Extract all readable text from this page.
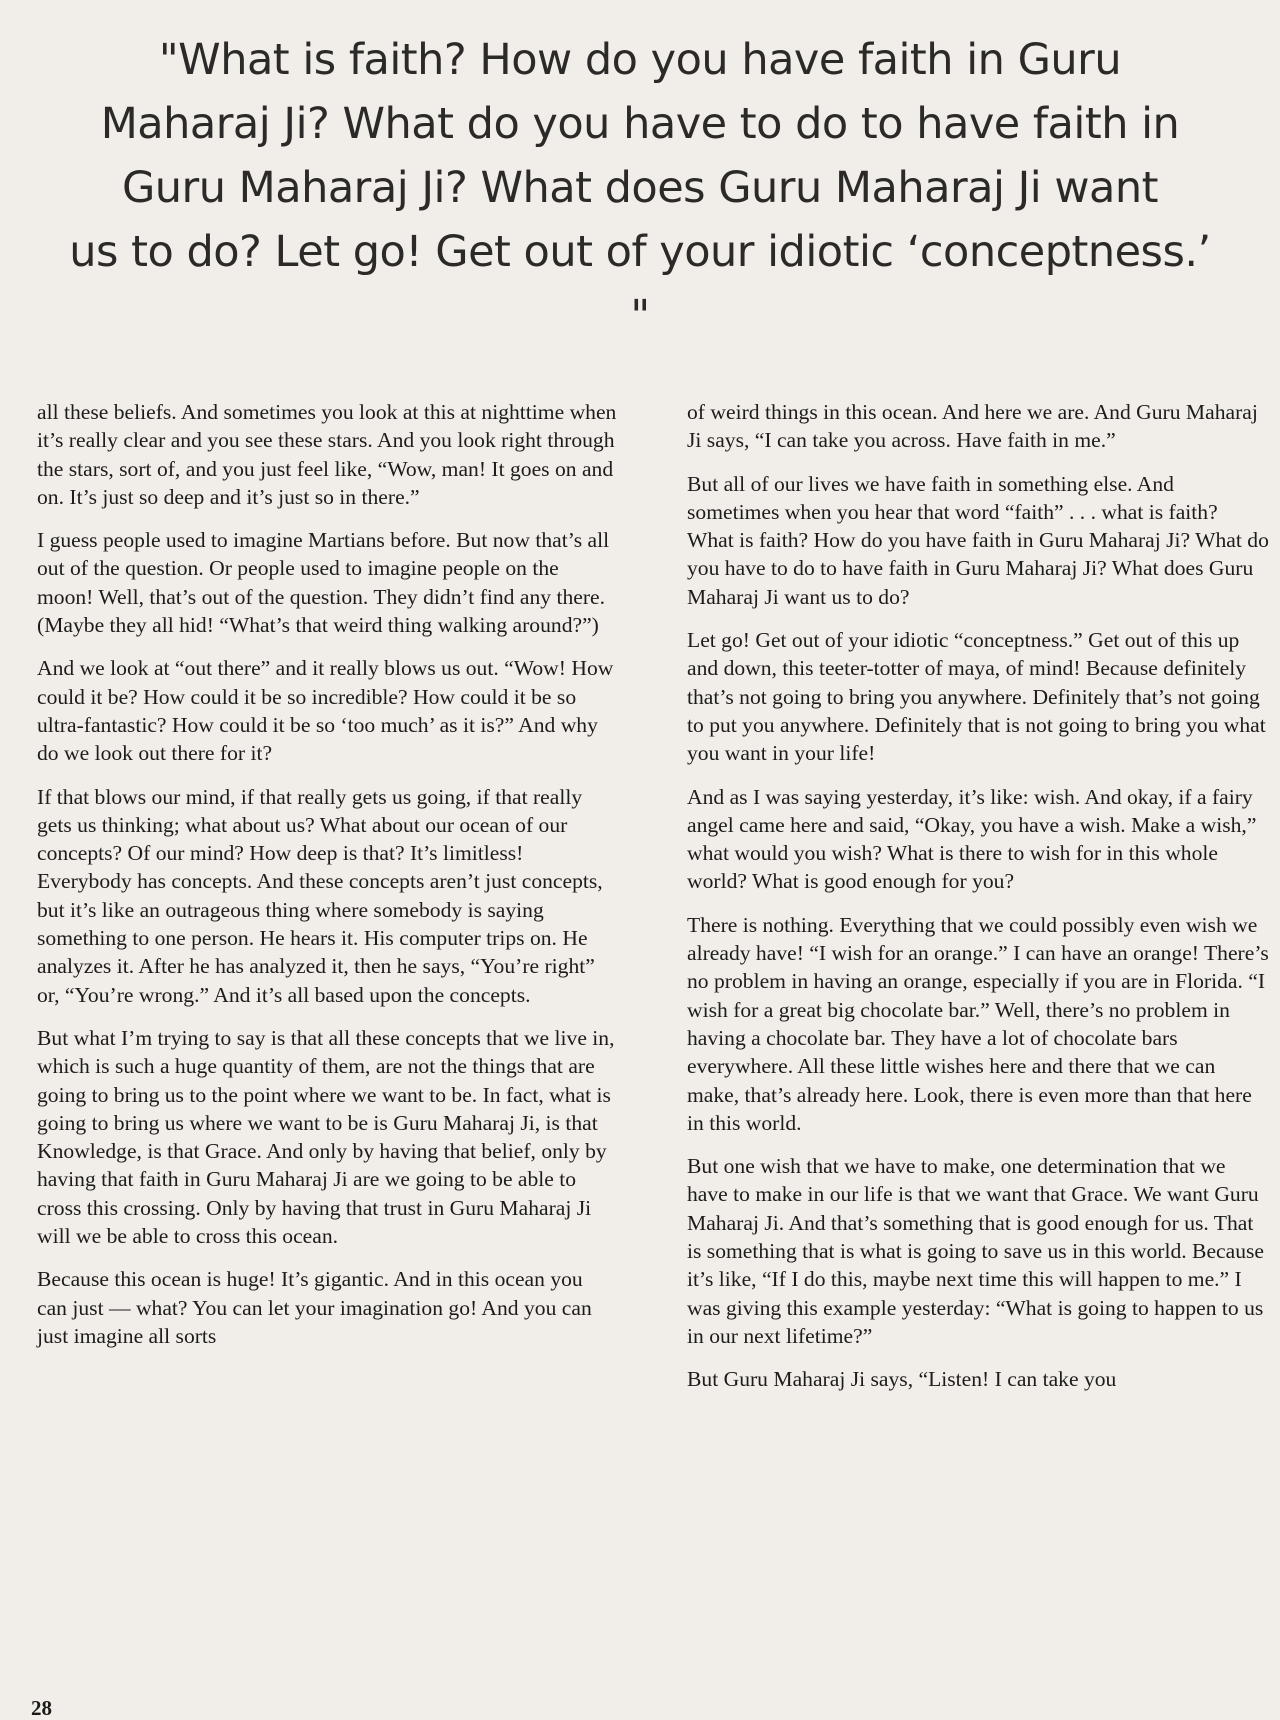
"What is faith? How do you have faith in Guru
Maharaj Ji? What do you have to do to have faith in
Guru Maharaj Ji? What does Guru Maharaj Ji want
us to do? Let go! Get out of your idiotic ‘conceptness.’ "

all these beliefs. And sometimes you look at this at nighttime when it’s really clear and you see these stars. And you look right through the stars, sort of, and you just feel like, “Wow, man! It goes on and on. It’s just so deep and it’s just so in there.”

I guess people used to imagine Martians before. But now that’s all out of the question. Or people used to imagine people on the moon! Well, that’s out of the question. They didn’t find any there. (Maybe they all hid! “What’s that weird thing walking around?”)

And we look at “out there” and it really blows us out. “Wow! How could it be? How could it be so incredible? How could it be so ultra-fantastic? How could it be so ‘too much’ as it is?” And why do we look out there for it?

If that blows our mind, if that really gets us going, if that really gets us thinking; what about us? What about our ocean of our concepts? Of our mind? How deep is that? It’s limitless! Everybody has concepts. And these concepts aren’t just concepts, but it’s like an outrageous thing where somebody is saying something to one person. He hears it. His computer trips on. He analyzes it. After he has analyzed it, then he says, “You’re right” or, “You’re wrong.” And it’s all based upon the concepts.

But what I’m trying to say is that all these concepts that we live in, which is such a huge quantity of them, are not the things that are going to bring us to the point where we want to be. In fact, what is going to bring us where we want to be is Guru Maharaj Ji, is that Knowledge, is that Grace. And only by having that belief, only by having that faith in Guru Maharaj Ji are we going to be able to cross this crossing. Only by having that trust in Guru Maharaj Ji will we be able to cross this ocean.

Because this ocean is huge! It’s gigantic. And in this ocean you can just — what? You can let your imagination go! And you can just imagine all sorts

of weird things in this ocean. And here we are. And Guru Maharaj Ji says, “I can take you across. Have faith in me.”

But all of our lives we have faith in something else. And sometimes when you hear that word “faith” . . . what is faith? What is faith? How do you have faith in Guru Maharaj Ji? What do you have to do to have faith in Guru Maharaj Ji? What does Guru Maharaj Ji want us to do?

Let go! Get out of your idiotic “conceptness.” Get out of this up and down, this teeter-totter of maya, of mind! Because definitely that’s not going to bring you anywhere. Definitely that’s not going to put you anywhere. Definitely that is not going to bring you what you want in your life!

And as I was saying yesterday, it’s like: wish. And okay, if a fairy angel came here and said, “Okay, you have a wish. Make a wish,” what would you wish? What is there to wish for in this whole world? What is good enough for you?

There is nothing. Everything that we could possibly even wish we already have! “I wish for an orange.” I can have an orange! There’s no problem in having an orange, especially if you are in Florida. “I wish for a great big chocolate bar.” Well, there’s no problem in having a chocolate bar. They have a lot of chocolate bars everywhere. All these little wishes here and there that we can make, that’s already here. Look, there is even more than that here in this world.

But one wish that we have to make, one determination that we have to make in our life is that we want that Grace. We want Guru Maharaj Ji. And that’s something that is good enough for us. That is something that is what is going to save us in this world. Because it’s like, “If I do this, maybe next time this will happen to me.” I was giving this example yesterday: “What is going to happen to us in our next lifetime?”

But Guru Maharaj Ji says, “Listen! I can take you

28
